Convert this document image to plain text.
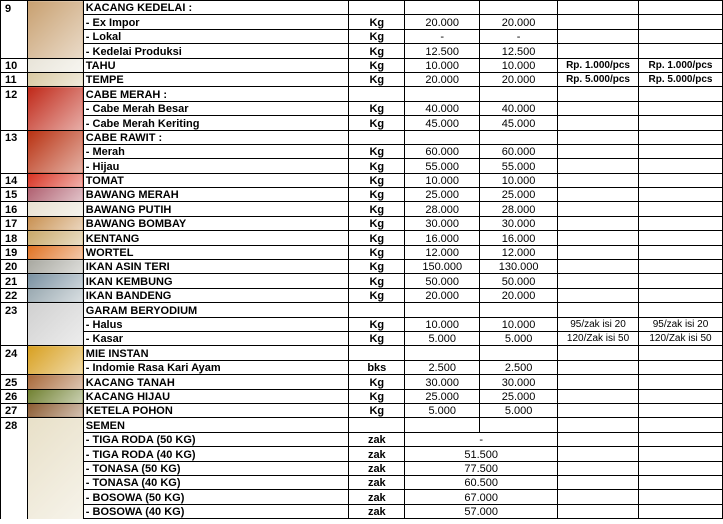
9		KACANG KEDELAI :					
		- Ex Impor	Kg	20.000	20.000		
		- Lokal	Kg	-	-		
		- Kedelai Produksi	Kg	12.500	12.500		
10		TAHU	Kg	10.000	10.000	Rp. 1.000/pcs	Rp. 1.000/pcs
11		TEMPE	Kg	20.000	20.000	Rp. 5.000/pcs	Rp. 5.000/pcs
12		CABE MERAH :					
		- Cabe Merah Besar	Kg	40.000	40.000		
		- Cabe Merah Keriting	Kg	45.000	45.000		
13		CABE RAWIT :					
		- Merah	Kg	60.000	60.000		
		- Hijau	Kg	55.000	55.000		
14		TOMAT	Kg	10.000	10.000		
15		BAWANG MERAH	Kg	25.000	25.000		
16		BAWANG PUTIH	Kg	28.000	28.000		
17		BAWANG BOMBAY	Kg	30.000	30.000		
18		KENTANG	Kg	16.000	16.000		
19		WORTEL	Kg	12.000	12.000		
20		IKAN ASIN TERI	Kg	150.000	130.000		
21		IKAN KEMBUNG	Kg	50.000	50.000		
22		IKAN BANDENG	Kg	20.000	20.000		
23		GARAM BERYODIUM					
		- Halus	Kg	10.000	10.000	95/zak isi 20	95/zak isi 20
		- Kasar	Kg	5.000	5.000	120/Zak isi 50	120/Zak isi 50
24		MIE INSTAN					
		- Indomie Rasa Kari Ayam	bks	2.500	2.500		
25		KACANG TANAH	Kg	30.000	30.000		
26		KACANG HIJAU	Kg	25.000	25.000		
27		KETELA POHON	Kg	5.000	5.000		
28		SEMEN					
		- TIGA RODA (50 KG)	zak	-			
		- TIGA RODA (40 KG)	zak	51.500			
		- TONASA (50 KG)	zak	77.500			
		- TONASA (40 KG)	zak	60.500			
		- BOSOWA (50 KG)	zak	67.000			
		- BOSOWA (40 KG)	zak	57.000			
